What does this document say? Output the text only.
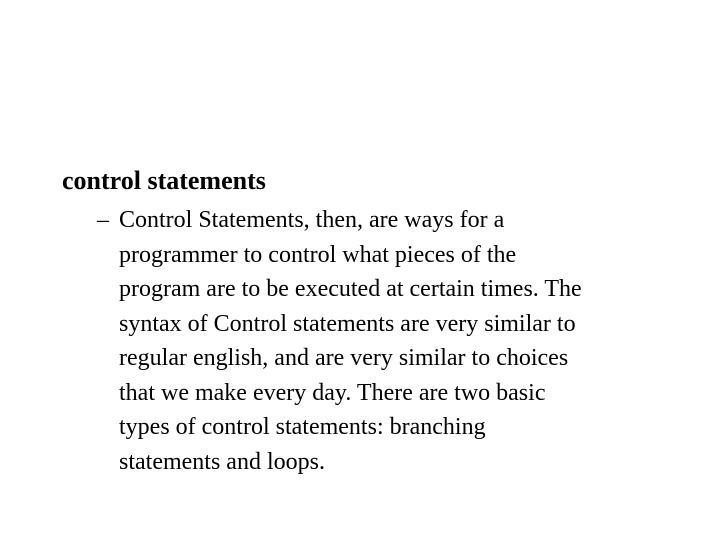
control statements
– Control Statements, then, are ways for a
programmer to control what pieces of the
program are to be executed at certain times. The
syntax of Control statements are very similar to
regular english, and are very similar to choices
that we make every day. There are two basic
types of control statements: branching
statements and loops.
